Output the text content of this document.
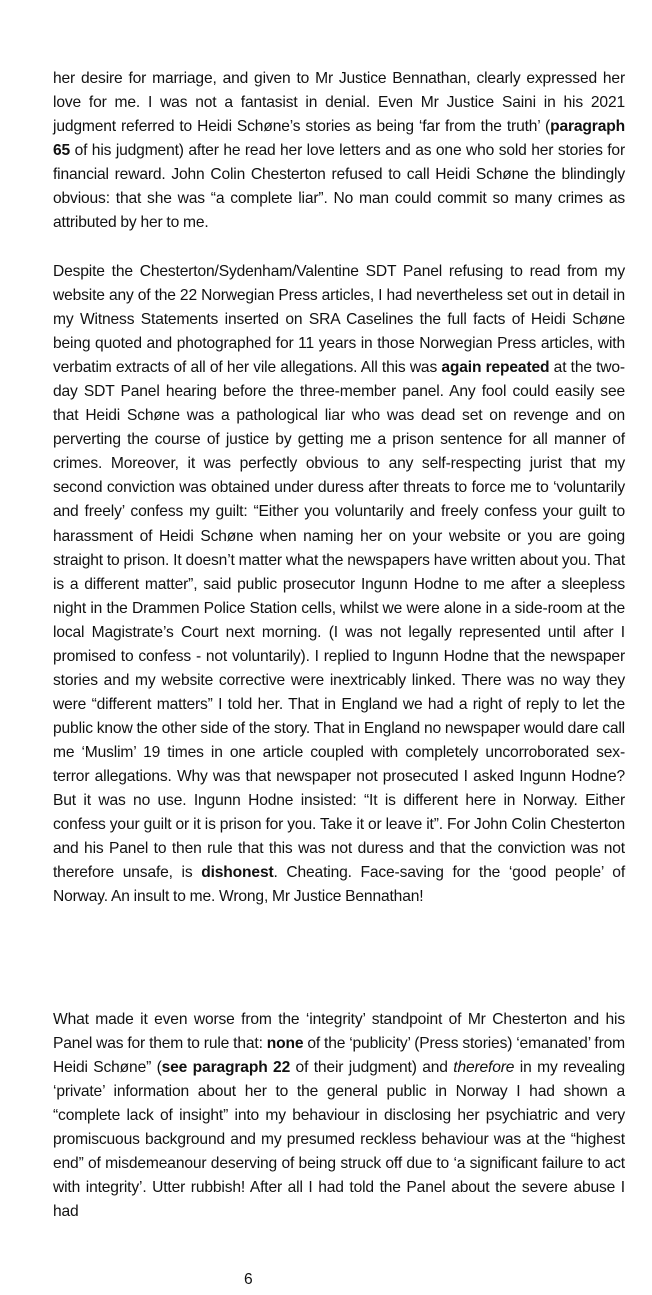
her desire for marriage, and given to Mr Justice Bennathan, clearly expressed her love for me. I was not a fantasist in denial. Even Mr Justice Saini in his 2021 judgment referred to Heidi Schøne’s stories as being ‘far from the truth’ (paragraph 65 of his judgment) after he read her love letters and as one who sold her stories for financial reward. John Colin Chesterton refused to call Heidi Schøne the blindingly obvious: that she was “a complete liar”. No man could commit so many crimes as attributed by her to me.

Despite the Chesterton/Sydenham/Valentine SDT Panel refusing to read from my website any of the 22 Norwegian Press articles, I had nevertheless set out in detail in my Witness Statements inserted on SRA Caselines the full facts of Heidi Schøne being quoted and photographed for 11 years in those Norwegian Press articles, with verbatim extracts of all of her vile allegations. All this was again repeated at the two-day SDT Panel hearing before the three-member panel. Any fool could easily see that Heidi Schøne was a pathological liar who was dead set on revenge and on perverting the course of justice by getting me a prison sentence for all manner of crimes. Moreover, it was perfectly obvious to any self-respecting jurist that my second conviction was obtained under duress after threats to force me to ‘voluntarily and freely’ confess my guilt: “Either you voluntarily and freely confess your guilt to harassment of Heidi Schøne when naming her on your website or you are going straight to prison. It doesn’t matter what the newspapers have written about you. That is a different matter”, said public prosecutor Ingunn Hodne to me after a sleepless night in the Drammen Police Station cells, whilst we were alone in a side-room at the local Magistrate’s Court next morning. (I was not legally represented until after I promised to confess - not voluntarily). I replied to Ingunn Hodne that the newspaper stories and my website corrective were inextricably linked. There was no way they were “different matters” I told her. That in England we had a right of reply to let the public know the other side of the story. That in England no newspaper would dare call me ‘Muslim’ 19 times in one article coupled with completely uncorroborated sex-terror allegations. Why was that newspaper not prosecuted I asked Ingunn Hodne? But it was no use. Ingunn Hodne insisted: “It is different here in Norway. Either confess your guilt or it is prison for you. Take it or leave it”. For John Colin Chesterton and his Panel to then rule that this was not duress and that the conviction was not therefore unsafe, is dishonest. Cheating. Face-saving for the ‘good people’ of Norway. An insult to me. Wrong, Mr Justice Bennathan!

What made it even worse from the ‘integrity’ standpoint of Mr Chesterton and his Panel was for them to rule that: none of the ‘publicity’ (Press stories) ‘emanated’ from Heidi Schøne” (see paragraph 22 of their judgment) and therefore in my revealing ‘private’ information about her to the general public in Norway I had shown a “complete lack of insight” into my behaviour in disclosing her psychiatric and very promiscuous background and my presumed reckless behaviour was at the “highest end” of misdemeanour deserving of being struck off due to ‘a significant failure to act with integrity’. Utter rubbish! After all I had told the Panel about the severe abuse I had

6
